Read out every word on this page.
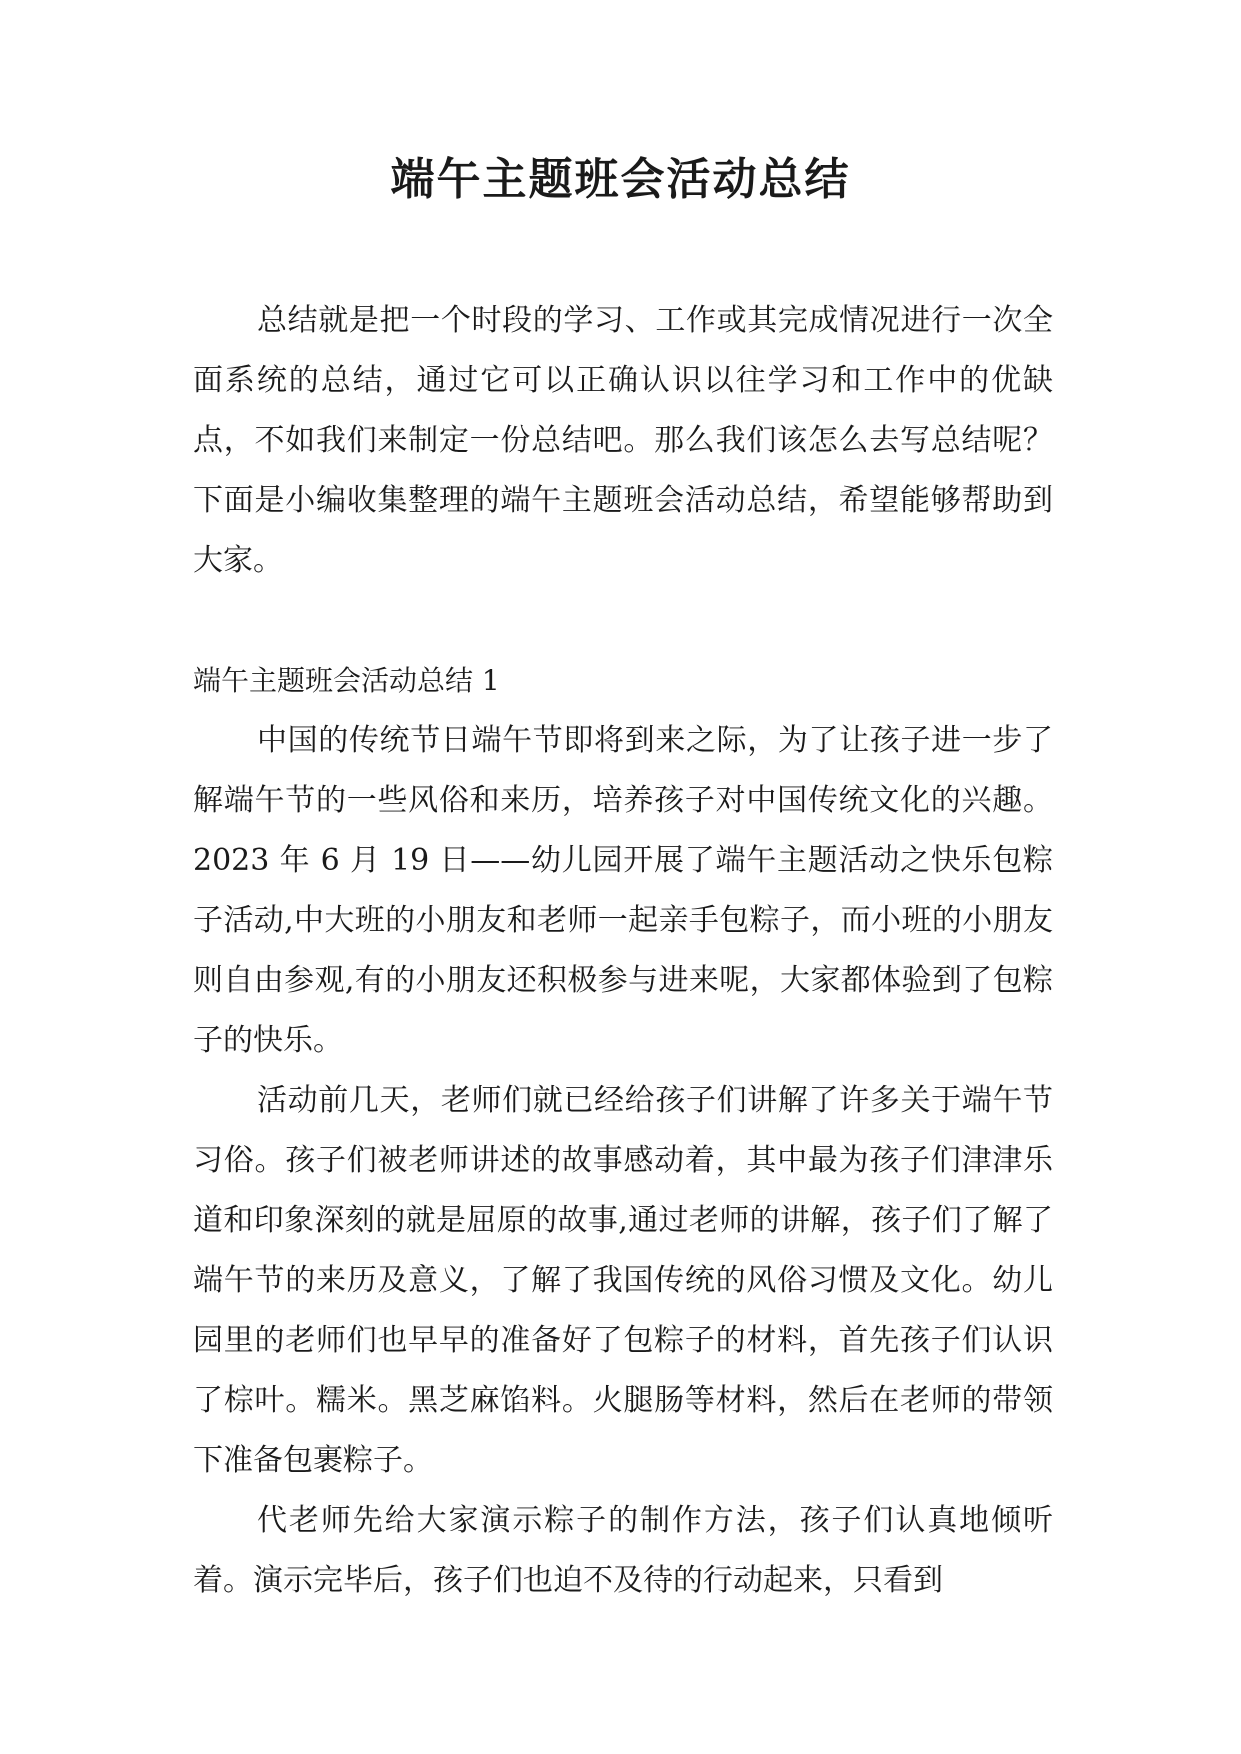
端午主题班会活动总结

总结就是把一个时段的学习、工作或其完成情况进行一次全面系统的总结，通过它可以正确认识以往学习和工作中的优缺点，不如我们来制定一份总结吧。那么我们该怎么去写总结呢？下面是小编收集整理的端午主题班会活动总结，希望能够帮助到大家。

端午主题班会活动总结 1

中国的传统节日端午节即将到来之际，为了让孩子进一步了解端午节的一些风俗和来历，培养孩子对中国传统文化的兴趣。2023 年 6 月 19 日——幼儿园开展了端午主题活动之快乐包粽子活动,中大班的小朋友和老师一起亲手包粽子，而小班的小朋友则自由参观,有的小朋友还积极参与进来呢，大家都体验到了包粽子的快乐。

活动前几天，老师们就已经给孩子们讲解了许多关于端午节习俗。孩子们被老师讲述的故事感动着，其中最为孩子们津津乐道和印象深刻的就是屈原的故事,通过老师的讲解，孩子们了解了端午节的来历及意义，了解了我国传统的风俗习惯及文化。幼儿园里的老师们也早早的准备好了包粽子的材料，首先孩子们认识了棕叶。糯米。黑芝麻馅料。火腿肠等材料，然后在老师的带领下准备包裹粽子。

代老师先给大家演示粽子的制作方法，孩子们认真地倾听着。演示完毕后，孩子们也迫不及待的行动起来，只看到
